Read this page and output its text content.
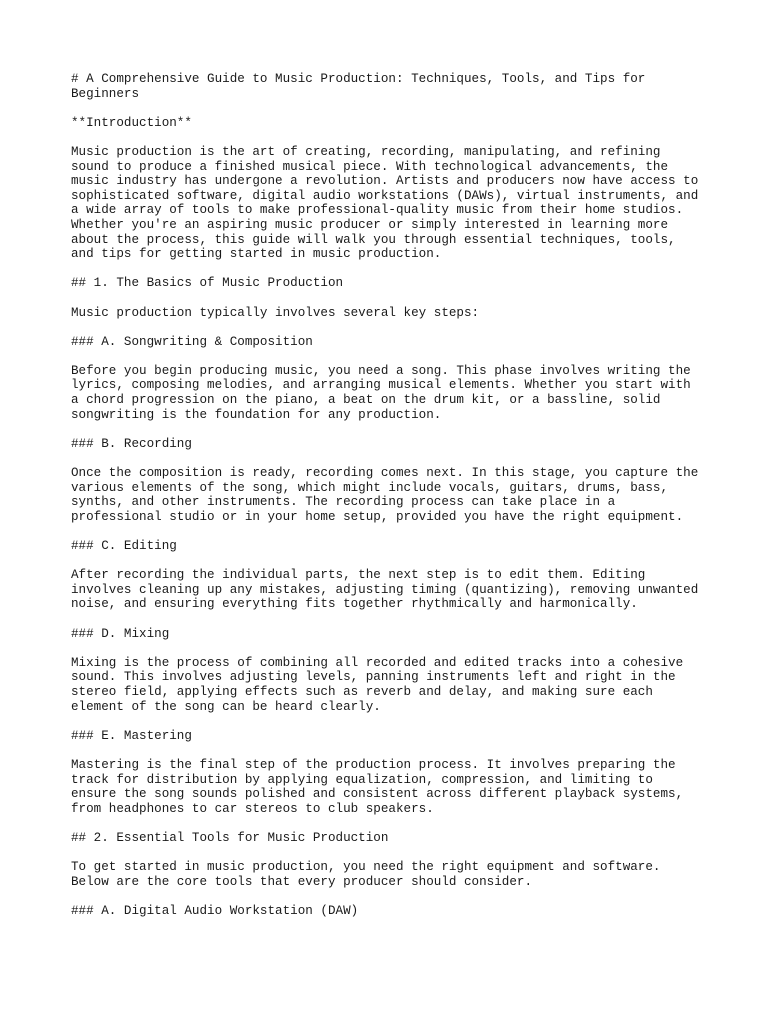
# A Comprehensive Guide to Music Production: Techniques, Tools, and Tips for
Beginners

**Introduction**

Music production is the art of creating, recording, manipulating, and refining
sound to produce a finished musical piece. With technological advancements, the
music industry has undergone a revolution. Artists and producers now have access to
sophisticated software, digital audio workstations (DAWs), virtual instruments, and
a wide array of tools to make professional-quality music from their home studios.
Whether you're an aspiring music producer or simply interested in learning more
about the process, this guide will walk you through essential techniques, tools,
and tips for getting started in music production.

## 1. The Basics of Music Production

Music production typically involves several key steps:

### A. Songwriting & Composition

Before you begin producing music, you need a song. This phase involves writing the
lyrics, composing melodies, and arranging musical elements. Whether you start with
a chord progression on the piano, a beat on the drum kit, or a bassline, solid
songwriting is the foundation for any production.

### B. Recording

Once the composition is ready, recording comes next. In this stage, you capture the
various elements of the song, which might include vocals, guitars, drums, bass,
synths, and other instruments. The recording process can take place in a
professional studio or in your home setup, provided you have the right equipment.

### C. Editing

After recording the individual parts, the next step is to edit them. Editing
involves cleaning up any mistakes, adjusting timing (quantizing), removing unwanted
noise, and ensuring everything fits together rhythmically and harmonically.

### D. Mixing

Mixing is the process of combining all recorded and edited tracks into a cohesive
sound. This involves adjusting levels, panning instruments left and right in the
stereo field, applying effects such as reverb and delay, and making sure each
element of the song can be heard clearly.

### E. Mastering

Mastering is the final step of the production process. It involves preparing the
track for distribution by applying equalization, compression, and limiting to
ensure the song sounds polished and consistent across different playback systems,
from headphones to car stereos to club speakers.

## 2. Essential Tools for Music Production

To get started in music production, you need the right equipment and software.
Below are the core tools that every producer should consider.

### A. Digital Audio Workstation (DAW)
